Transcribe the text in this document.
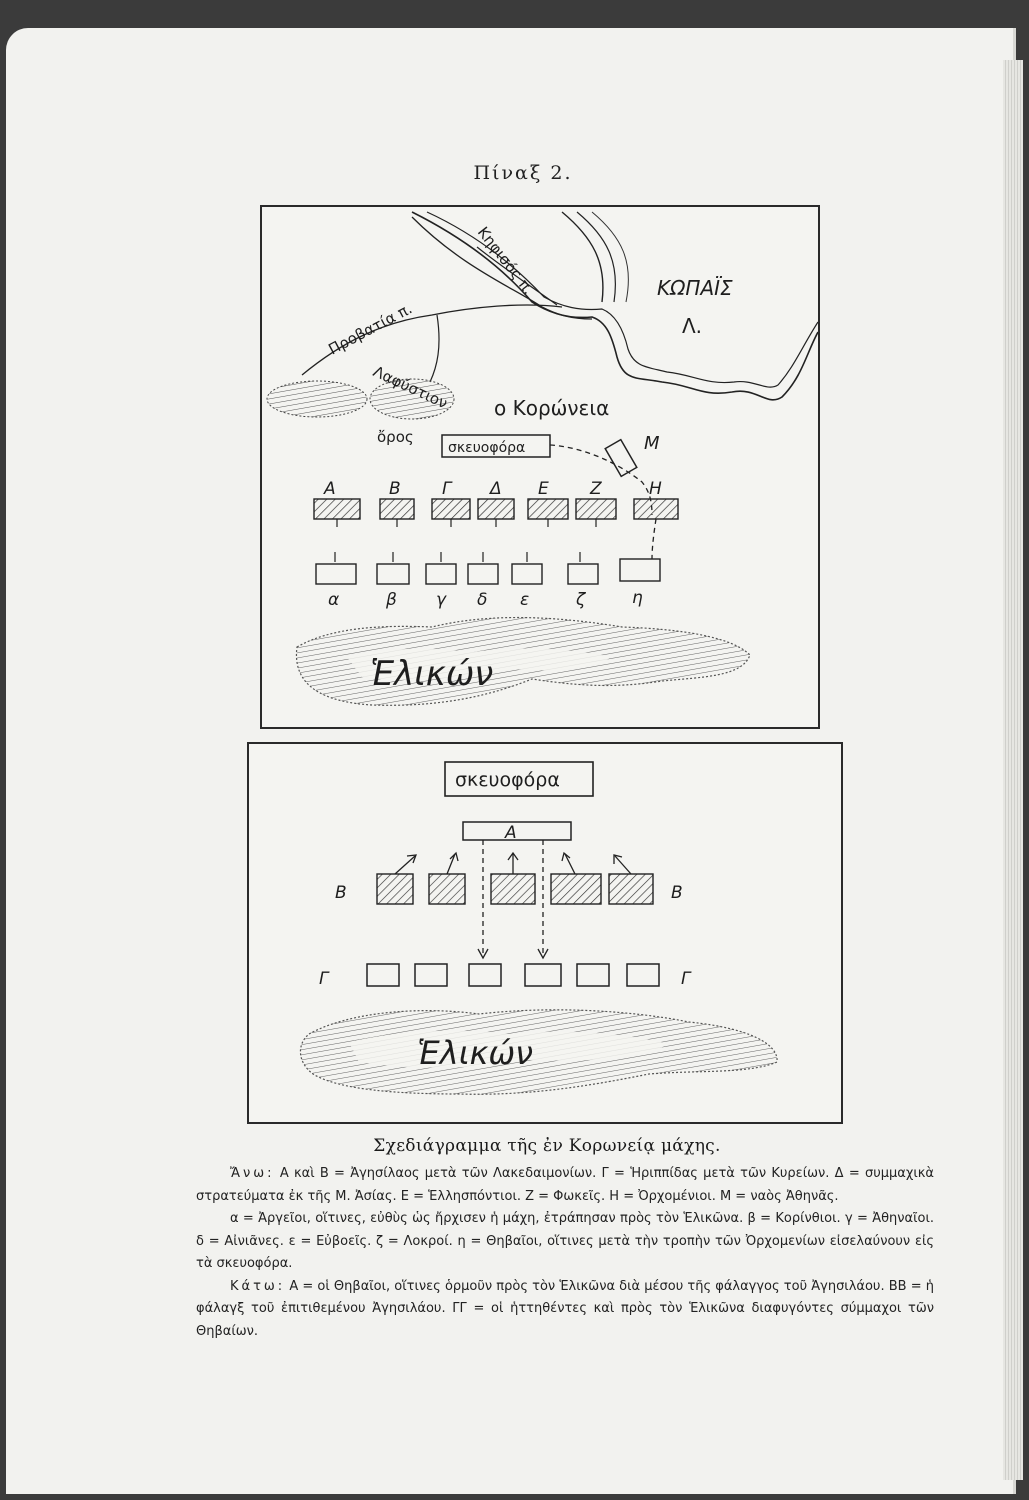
Πίναξ 2.
Κηφισός π.
Προβατία π.
ΚΩΠΑΪΣ
Λ.
Λαφύστιον
ὄρος
ο Κορώνεια
σκευοφόρα	Μ
Α	Β Γ Δ Ε Ζ	Η
α	β γ δ ε	ζ	η
Ἑλικών
σκευοφόρα
Α
Β	Β
Γ	Γ
Ἑλικών
Σχεδιάγραμμα τῆς ἐν Κορωνείᾳ μάχης.

Ἄνω: Α καὶ Β = Ἀγησίλαος μετὰ τῶν Λακεδαιμονίων. Γ = Ἡριππίδας μετὰ τῶν Κυρείων. Δ = συμμαχικὰ στρατεύματα ἐκ τῆς Μ. Ἀσίας. Ε = Ἑλλησπόντιοι. Ζ = Φωκεῖς. Η = Ὀρχομένιοι. Μ = ναὸς Ἀθηνᾶς.

α = Ἀργεῖοι, οἵτινες, εὐθὺς ὡς ἤρχισεν ἡ μάχη, ἐτράπησαν πρὸς τὸν Ἑλικῶνα. β = Κορίνθιοι. γ = Ἀθηναῖοι. δ = Αἰνιᾶνες. ε = Εὐβοεῖς. ζ = Λοκροί. η = Θηβαῖοι, οἵτινες μετὰ τὴν τροπὴν τῶν Ὀρχομενίων εἰσελαύνουν εἰς τὰ σκευοφόρα.

Κάτω: Α = οἱ Θηβαῖοι, οἵτινες ὁρμοῦν πρὸς τὸν Ἑλικῶνα διὰ μέσου τῆς φάλαγγος τοῦ Ἀγησιλάου. ΒΒ = ἡ φάλαγξ τοῦ ἐπιτιθεμένου Ἀγησιλάου. ΓΓ = οἱ ἡττηθέντες καὶ πρὸς τὸν Ἑλικῶνα διαφυγόντες σύμμαχοι τῶν Θηβαίων.
